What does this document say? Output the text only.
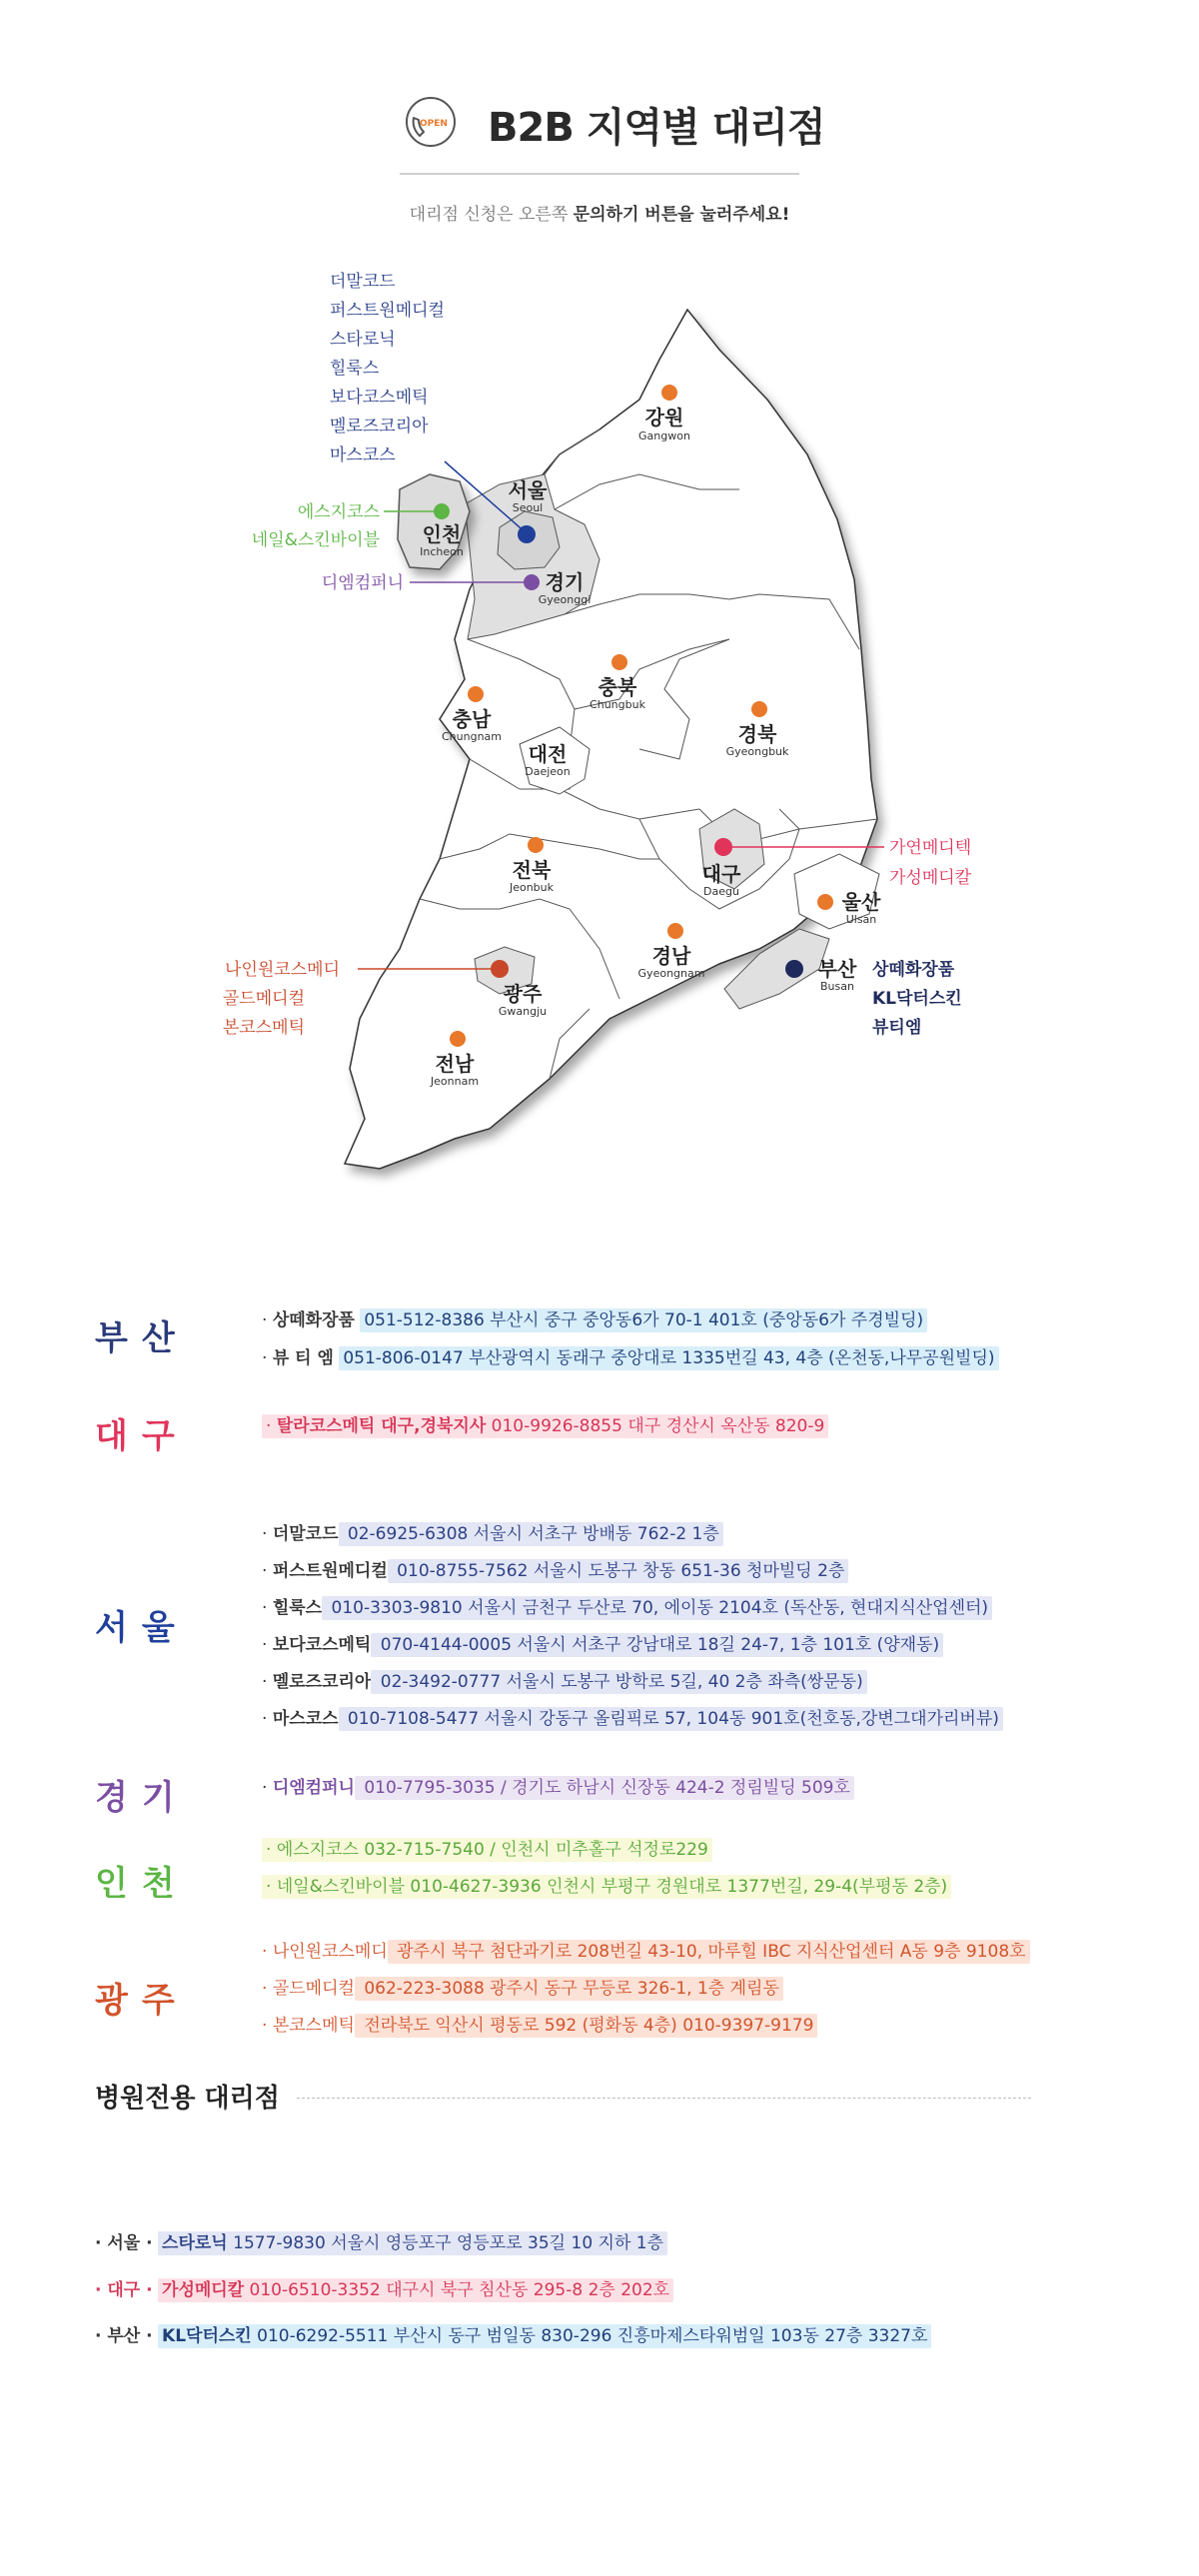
OPEN B2B 지역별 대리점
대리점 신청은 오른쪽 문의하기 버튼을 눌러주세요!
강원
Gangwon
서울
Seoul
인천
Incheon
경기
Gyeonggi
충북
Chungbuk
충남
Chungnam	경북
Gyeongbuk
대전
Daejeon
전북
Jeonbuk
대구
Daegu	울산
Ulsan
경남
Gyeongnam	부산
Busan
광주
Gwangju
전남
Jeonnam
더말코드
퍼스트원메디컬
스타로닉
힐룩스
보다코스메틱
멜로즈코리아
마스코스
에스지코스
네일&스킨바이블
디엠컴퍼니
가연메디텍
가성메디칼
상떼화장품
KL닥터스킨
뷰티엠
나인원코스메디
골드메디컬
본코스메틱
부산	· 상떼화장품 051-512-8386 부산시 중구 중앙동6가 70-1 401호 (중앙동6가 주경빌딩)
· 뷰 티 엠 051-806-0147 부산광역시 동래구 중앙대로 1335번길 43, 4층 (온천동,나무공원빌딩)
대구	· 탈라코스메틱 대구,경북지사 010-9926-8855 대구 경산시 옥산동 820-9
서울
· 더말코드 02-6925-6308 서울시 서초구 방배동 762-2 1층
· 퍼스트원메디컬 010-8755-7562 서울시 도봉구 창동 651-36 청마빌딩 2층
· 힐룩스 010-3303-9810 서울시 금천구 두산로 70, 에이동 2104호 (독산동, 현대지식산업센터)
· 보다코스메틱 070-4144-0005 서울시 서초구 강남대로 18길 24-7, 1층 101호 (양재동)
· 멜로즈코리아 02-3492-0777 서울시 도봉구 방학로 5길, 40 2층 좌측(쌍문동)
· 마스코스 010-7108-5477 서울시 강동구 올림픽로 57, 104동 901호(천호동,강변그대가리버뷰)
경기	· 디엠컴퍼니 010-7795-3035 / 경기도 하남시 신장동 424-2 정림빌딩 509호
인천
· 에스지코스 032-715-7540 / 인천시 미추홀구 석정로229
· 네일&스킨바이블 010-4627-3936 인천시 부평구 경원대로 1377번길, 29-4(부평동 2층)
광주
· 나인원코스메디 광주시 북구 첨단과기로 208번길 43-10, 마루힐 IBC 지식산업센터 A동 9층 9108호
· 골드메디컬 062-223-3088 광주시 동구 무등로 326-1, 1층 계림동
· 본코스메틱 전라북도 익산시 평동로 592 (평화동 4층) 010-9397-9179
병원전용 대리점
· 서울 · 스타로닉 1577-9830 서울시 영등포구 영등포로 35길 10 지하 1층
· 대구 · 가성메디칼 010-6510-3352 대구시 북구 침산동 295-8 2층 202호
· 부산 · KL닥터스킨 010-6292-5511 부산시 동구 범일동 830-296 진흥마제스타워범일 103동 27층 3327호
